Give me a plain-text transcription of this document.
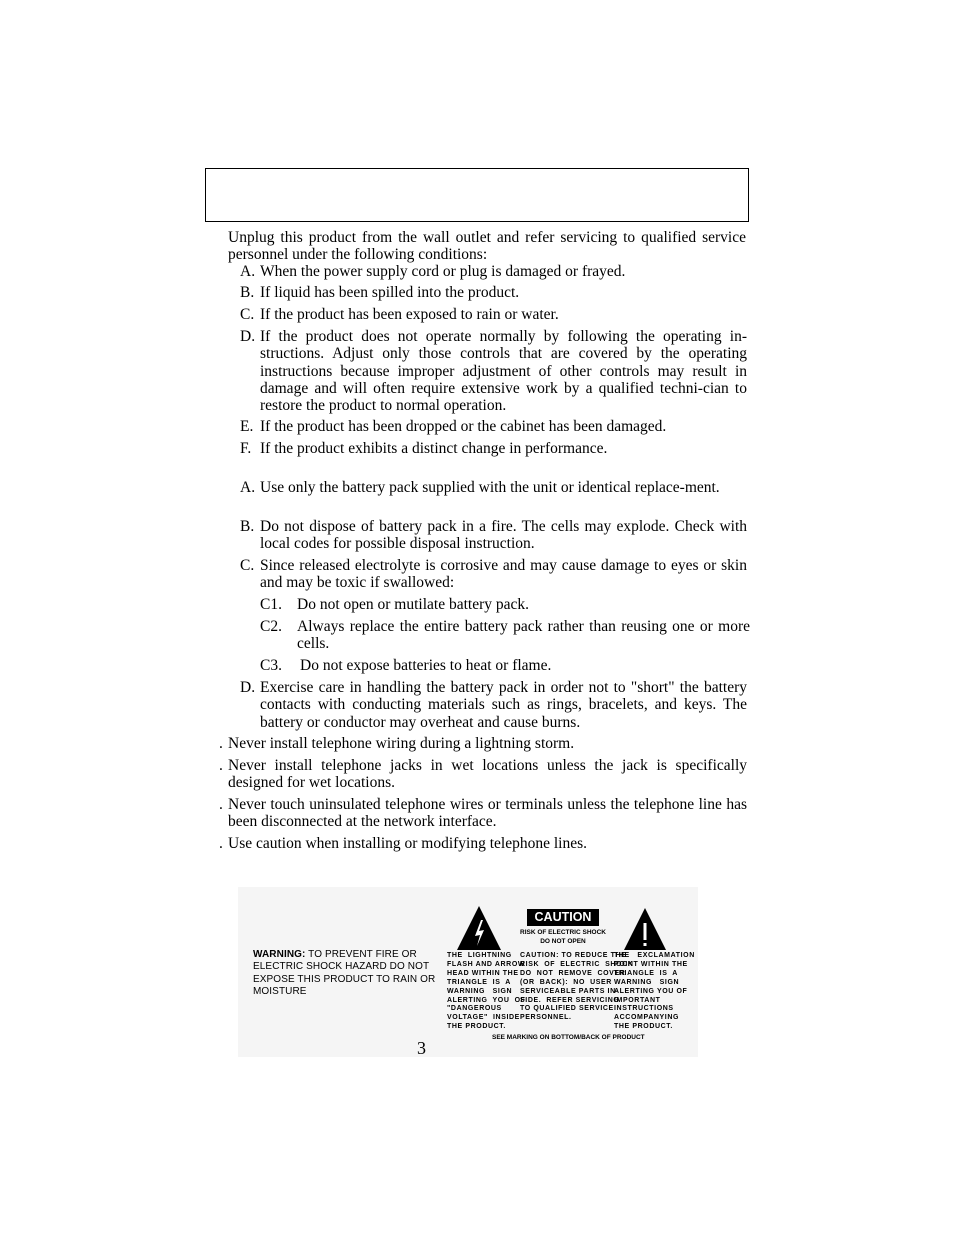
Unplug this product from the wall outlet and refer servicing to qualified service personnel under the following conditions:

A. When the power supply cord or plug is damaged or frayed.
B. If liquid has been spilled into the product.
C. If the product has been exposed to rain or water.
D. If the product does not operate normally by following the operating in-structions. Adjust only those controls that are covered by the operating instructions because improper adjustment of other controls may result in damage and will often require extensive work by a qualified techni-cian to restore the product to normal operation.
E. If the product has been dropped or the cabinet has been damaged.
F. If the product exhibits a distinct change in performance.
A. Use only the battery pack supplied with the unit or identical replace-ment.
B. Do not dispose of battery pack in a fire. The cells may explode. Check with local codes for possible disposal instruction.
C. Since released electrolyte is corrosive and may cause damage to eyes or skin and may be toxic if swallowed:
C1. Do not open or mutilate battery pack.
C2. Always replace the entire battery pack rather than reusing one or more cells.
C3. Do not expose batteries to heat or flame.
D. Exercise care in handling the battery pack in order not to "short" the battery contacts with conducting materials such as rings, bracelets, and keys. The battery or conductor may overheat and cause burns.
. Never install telephone wiring during a lightning storm.
. Never install telephone jacks in wet locations unless the jack is specifically designed for wet locations.
. Never touch uninsulated telephone wires or terminals unless the telephone line has been disconnected at the network interface.
. Use caution when installing or modifying telephone lines.
WARNING: TO PREVENT FIRE OR ELECTRIC SHOCK HAZARD DO NOT EXPOSE THIS PRODUCT TO RAIN OR MOISTURE
CAUTION
RISK OF ELECTRIC SHOCK
DO NOT OPEN
THE  LIGHTNING
FLASH AND ARROW
HEAD WITHIN THE
TRIANGLE  IS  A
WARNING   SIGN
ALERTING  YOU  OF
"DANGEROUS
VOLTAGE"  INSIDE
THE PRODUCT.
CAUTION: TO REDUCE THE
RISK  OF  ELECTRIC  SHOCK
DO  NOT  REMOVE  COVER
(OR  BACK):  NO  USER
SERVICEABLE PARTS IN-
SIDE.  REFER SERVICING
TO QUALIFIED SERVICE
PERSONNEL.
THE   EXCLAMATION
POINT WITHIN THE
TRIANGLE  IS  A
WARNING   SIGN
ALERTING YOU OF
IMPORTANT
INSTRUCTIONS
ACCOMPANYING
THE PRODUCT.
SEE MARKING ON BOTTOM/BACK OF PRODUCT
3
